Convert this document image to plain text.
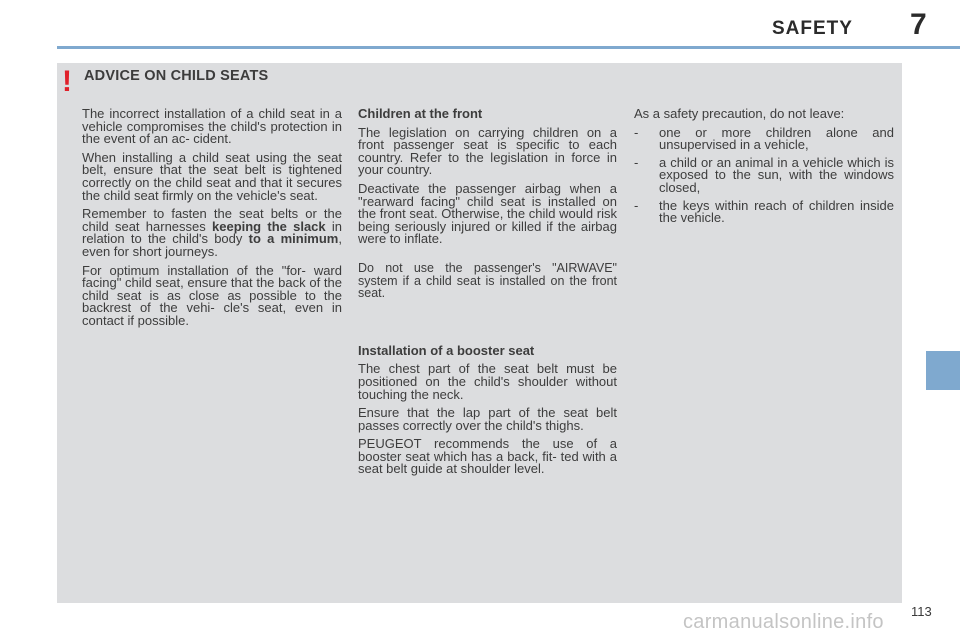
SAFETY 7
! ADVICE ON CHILD SEATS

The incorrect installation of a child seat in a vehicle compromises the child's protection in the event of an ac- cident.

When installing a child seat using the seat belt, ensure that the seat belt is tightened correctly on the child seat and that it secures the child seat firmly on the vehicle's seat.

Remember to fasten the seat belts or the child seat harnesses keeping the slack in relation to the child's body to a minimum, even for short journeys.

For optimum installation of the "for- ward facing" child seat, ensure that the back of the child seat is as close as possible to the backrest of the vehi- cle's seat, even in contact if possible.

Children at the front

The legislation on carrying children on a front passenger seat is specific to each country. Refer to the legislation in force in your country.

Deactivate the passenger airbag when a "rearward facing" child seat is installed on the front seat. Otherwise, the child would risk being seriously injured or killed if the airbag were to inflate.

Do not use the passenger's "AIRWAVE" system if a child seat is installed on the front seat.

Installation of a booster seat

The chest part of the seat belt must be positioned on the child's shoulder without touching the neck.

Ensure that the lap part of the seat belt passes correctly over the child's thighs.

PEUGEOT recommends the use of a booster seat which has a back, fit- ted with a seat belt guide at shoulder level.

As a safety precaution, do not leave:

- one or more children alone and unsupervised in a vehicle,
- a child or an animal in a vehicle which is exposed to the sun, with the windows closed,
- the keys within reach of children inside the vehicle.
113
carmanualsonline.info
